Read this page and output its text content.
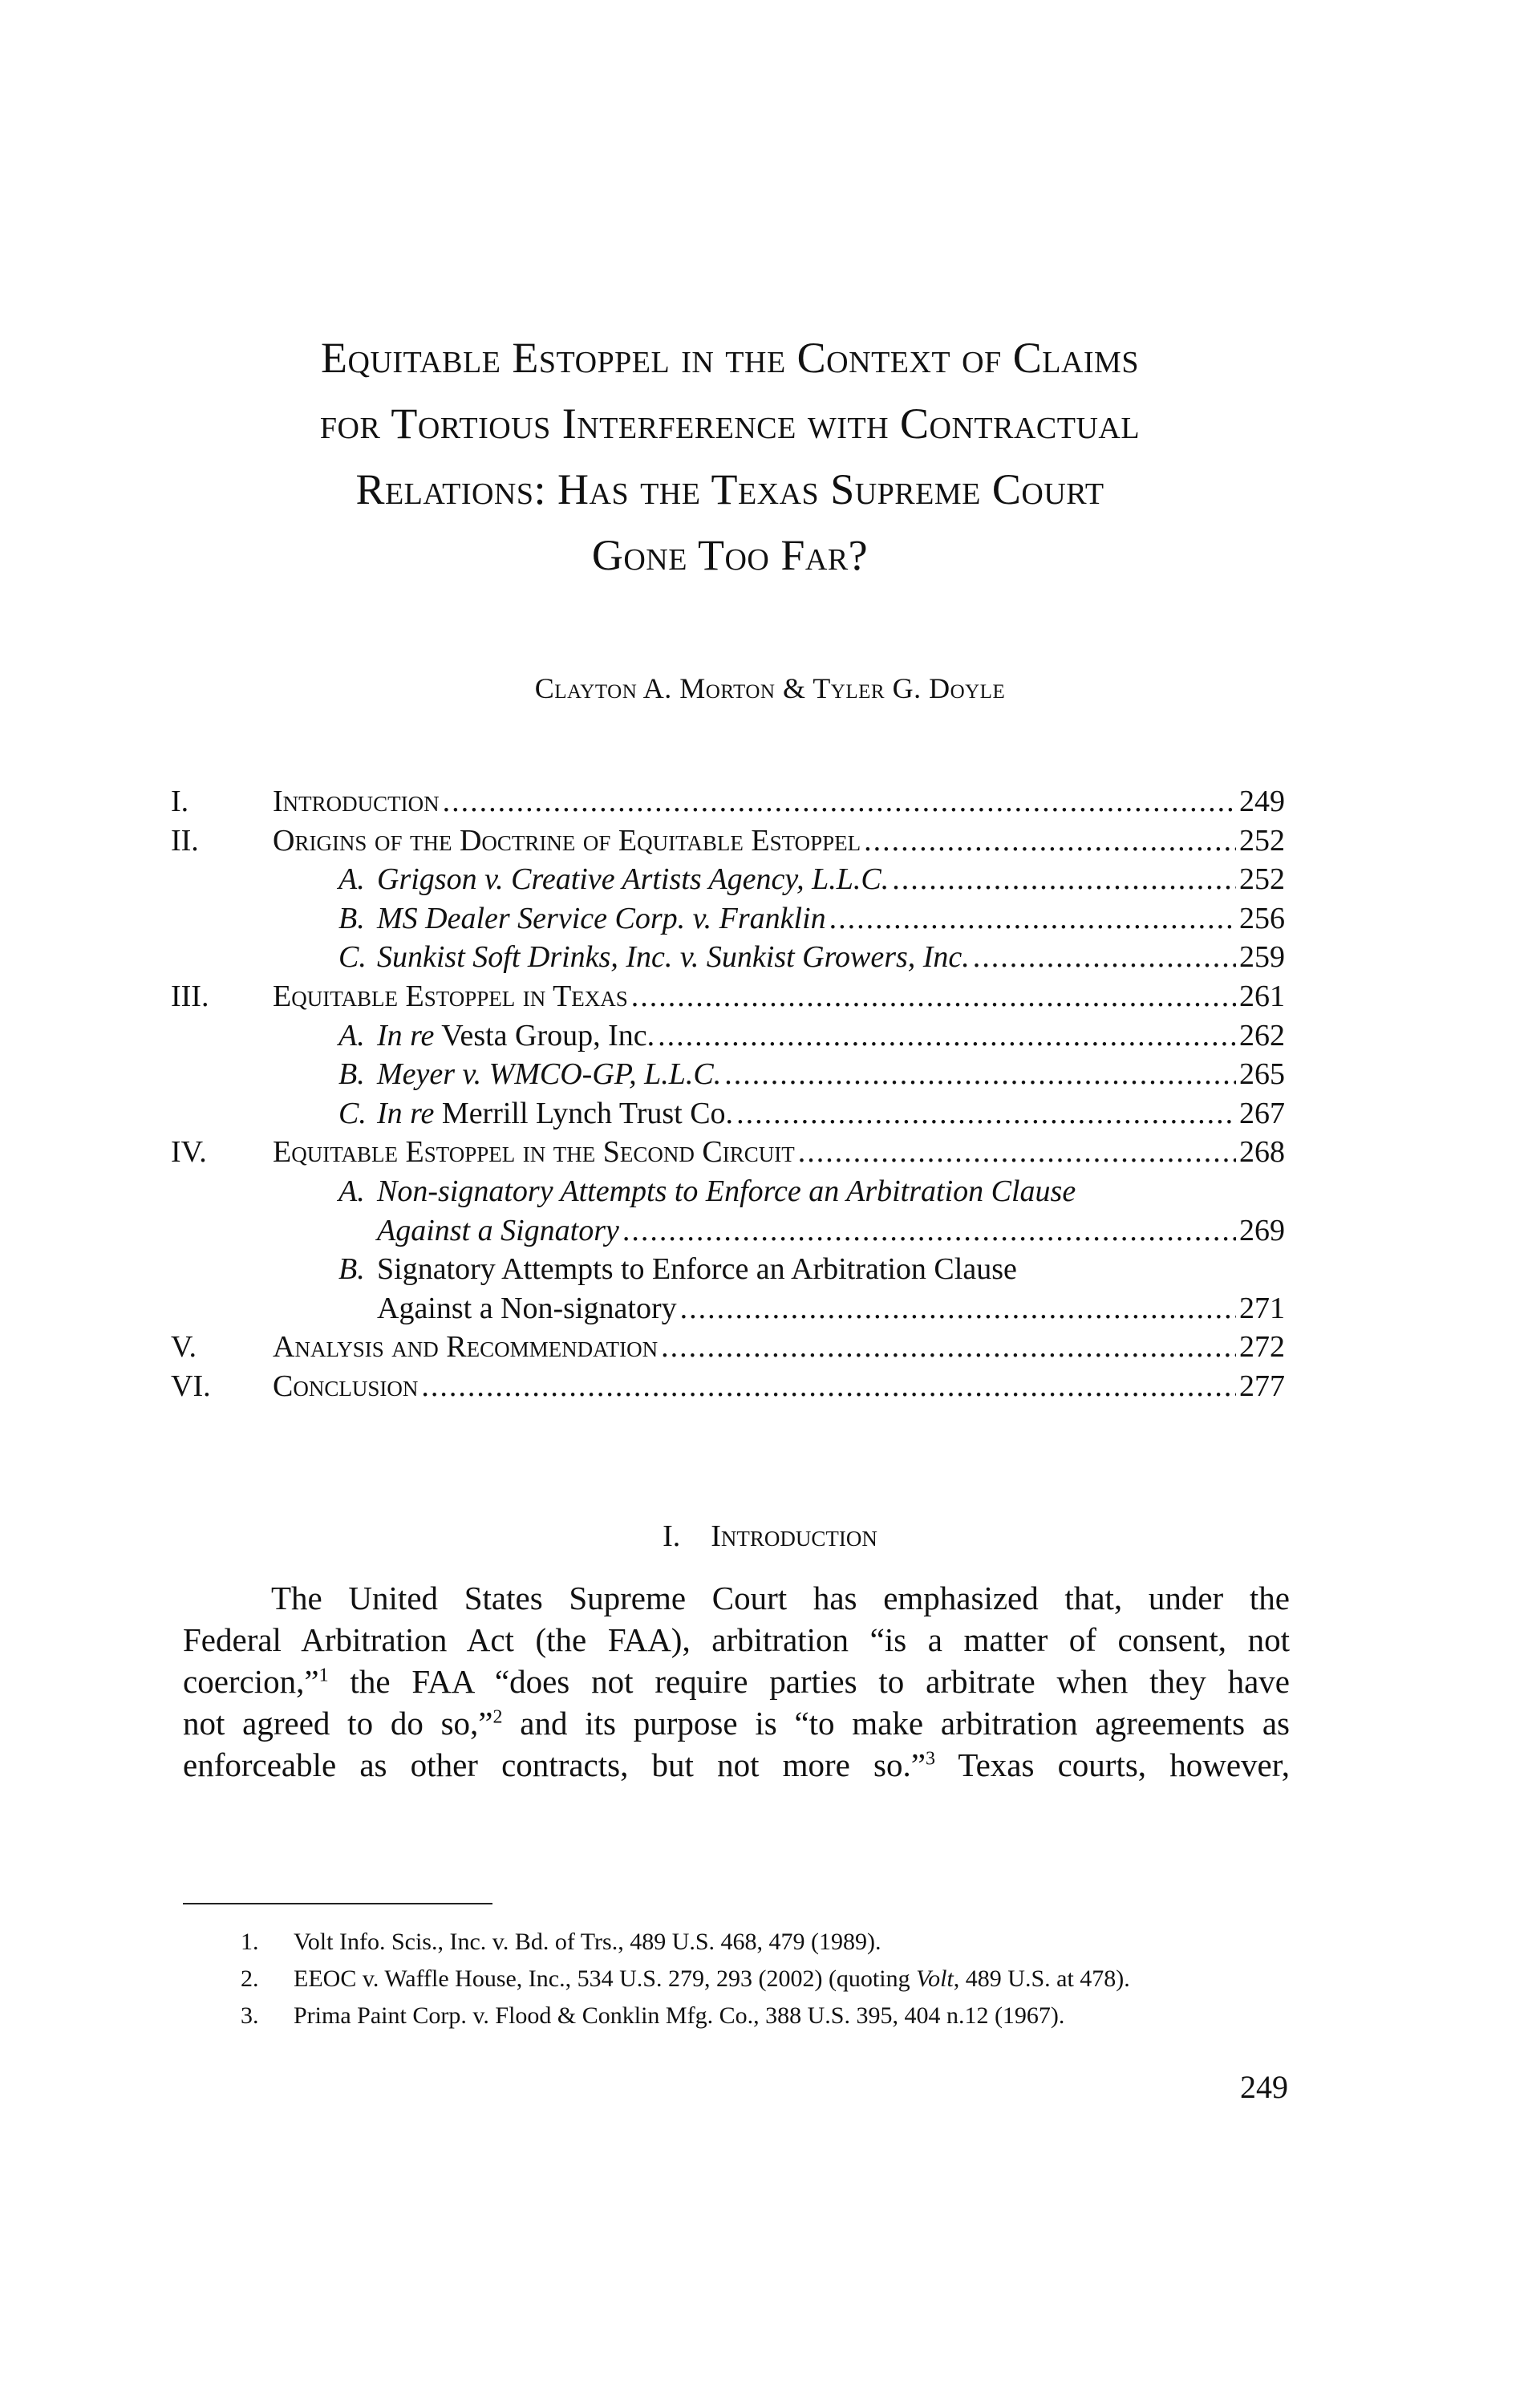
Equitable Estoppel in the Context of Claims
for Tortious Interference with Contractual
Relations: Has the Texas Supreme Court
Gone Too Far?
Clayton A. Morton & Tyler G. Doyle
I.	Introduction .....	249
II. Origins of the Doctrine of Equitable Estoppel .....	252
A. Grigson v. Creative Artists Agency, L.L.C. .....	252
B. MS Dealer Service Corp. v. Franklin .....	256
C. Sunkist Soft Drinks, Inc. v. Sunkist Growers, Inc. .....	259
III. Equitable Estoppel in Texas .....	261
A. In re Vesta Group, Inc. .....	262
B. Meyer v. WMCO-GP, L.L.C. .....	265
C. In re Merrill Lynch Trust Co. .....	267
IV. Equitable Estoppel in the Second Circuit .....	268
A. Non-signatory Attempts to Enforce an Arbitration Clause
Against a Signatory .....	269
B. Signatory Attempts to Enforce an Arbitration Clause
Against a Non-signatory .....	271
V. Analysis and Recommendation .....	272
VI. Conclusion .....	277
I. Introduction
The United States Supreme Court has emphasized that, under the
Federal Arbitration Act (the FAA), arbitration “is a matter of consent, not
coercion,”$^1$ the FAA “does not require parties to arbitrate when they have
not agreed to do so,”$^2$ and its purpose is “to make arbitration agreements as
enforceable as other contracts, but not more so.”$^3$ Texas courts, however,
1. Volt Info. Scis., Inc. v. Bd. of Trs., 489 U.S. 468, 479 (1989).
2. EEOC v. Waffle House, Inc., 534 U.S. 279, 293 (2002) (quoting Volt, 489 U.S. at 478).
3. Prima Paint Corp. v. Flood & Conklin Mfg. Co., 388 U.S. 395, 404 n.12 (1967).
249
